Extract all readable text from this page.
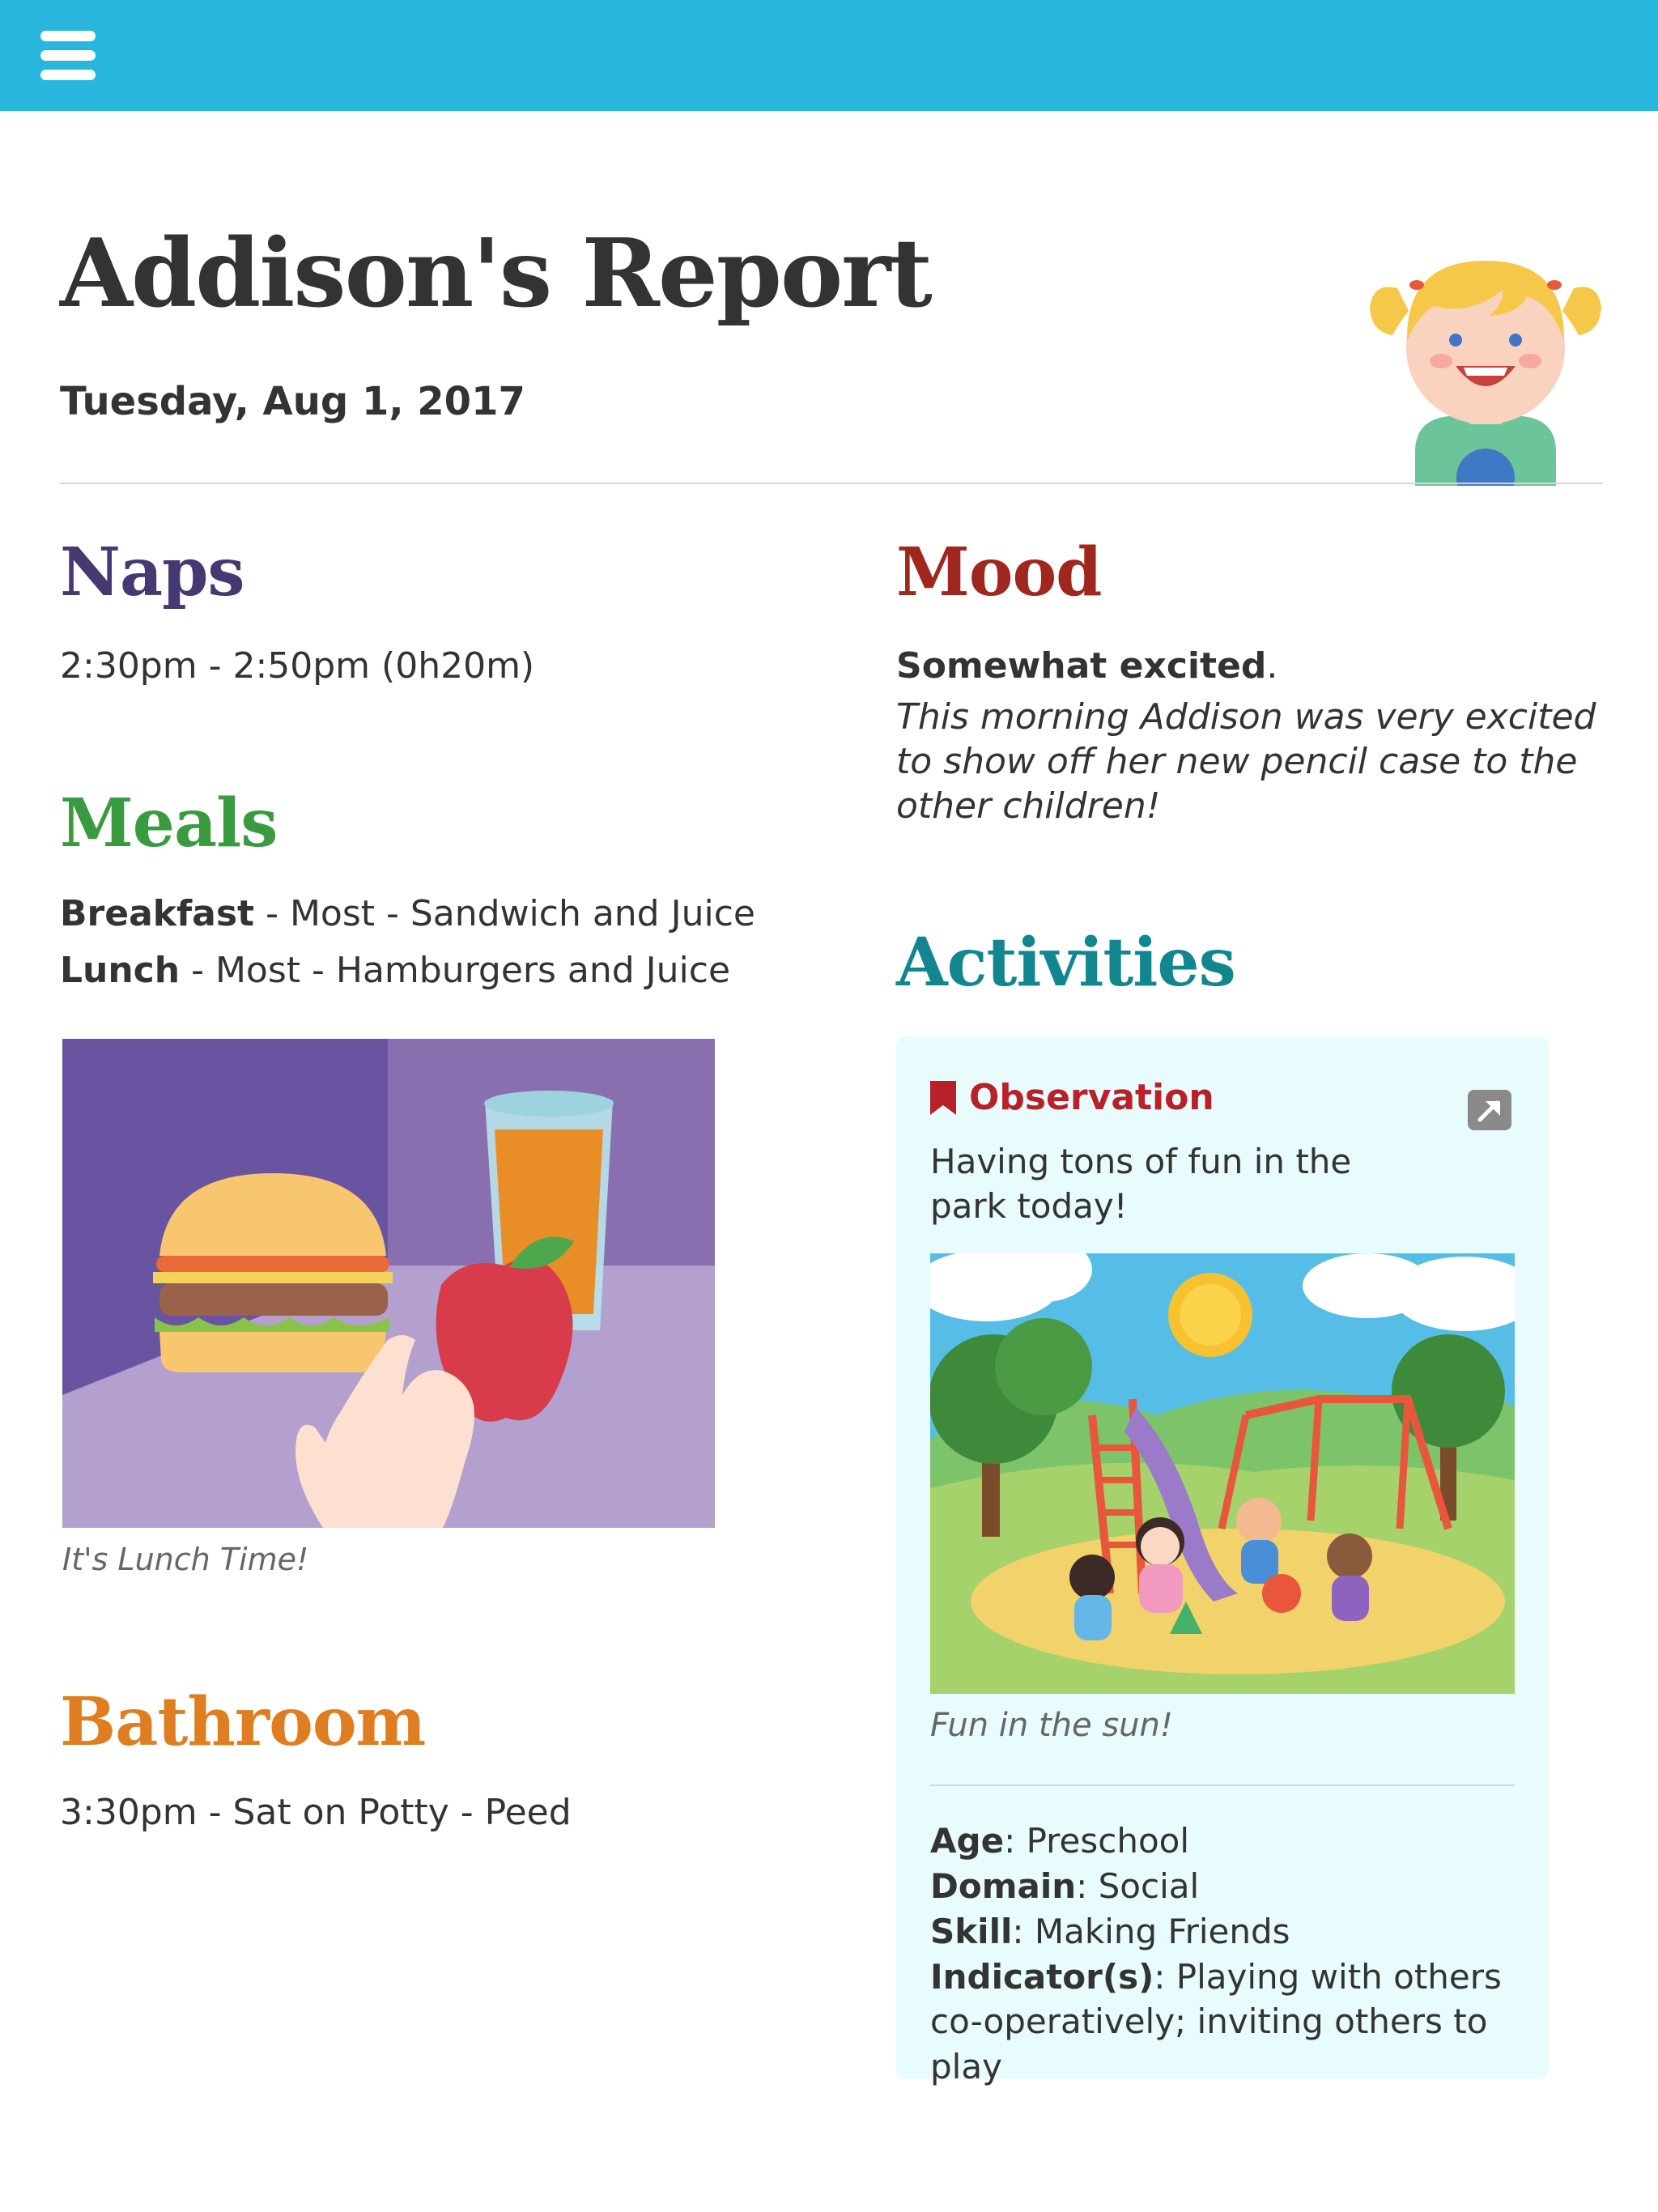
Addison's Report
Tuesday, Aug 1, 2017
Naps
2:30pm - 2:50pm (0h20m)
Meals
Breakfast - Most - Sandwich and Juice
Lunch - Most - Hamburgers and Juice
It's Lunch Time!
Bathroom
3:30pm - Sat on Potty - Peed
Mood
Somewhat excited.

This morning Addison was very excited to show off her new pencil case to the other children!

Activities
Observation
Having tons of fun in the park today!
Fun in the sun!
Age: Preschool
Domain: Social
Skill: Making Friends
Indicator(s): Playing with others co-operatively; inviting others to play
